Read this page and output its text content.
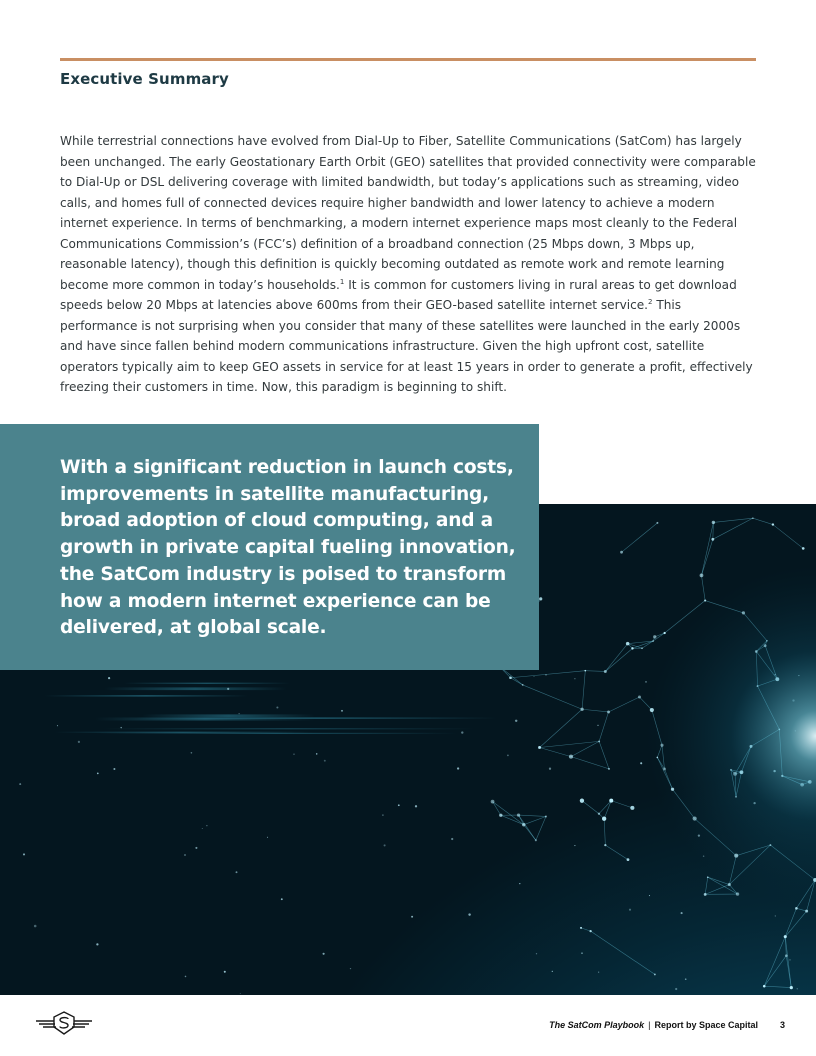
Executive Summary

While terrestrial connections have evolved from Dial-Up to Fiber, Satellite Communications (SatCom) has largely been unchanged. The early Geostationary Earth Orbit (GEO) satellites that provided connectivity were comparable to Dial-Up or DSL delivering coverage with limited bandwidth, but today’s applications such as streaming, video calls, and homes full of connected devices require higher bandwidth and lower latency to achieve a modern internet experience. In terms of benchmarking, a modern internet experience maps most cleanly to the Federal Communications Commission’s (FCC’s) definition of a broadband connection (25 Mbps down, 3 Mbps up, reasonable latency), though this definition is quickly becoming outdated as remote work and remote learning become more common in today’s households.$^1$ It is common for customers living in rural areas to get download speeds below 20 Mbps at latencies above 600ms from their GEO-based satellite internet service.$^2$ This performance is not surprising when you consider that many of these satellites were launched in the early 2000s and have since fallen behind modern communications infrastructure. Given the high upfront cost, satellite operators typically aim to keep GEO assets in service for at least 15 years in order to generate a profit, effectively freezing their customers in time. Now, this paradigm is beginning to shift.

With a significant reduction in launch costs, improvements in satellite manufacturing, broad adoption of cloud computing, and a growth in private capital fueling innovation, the SatCom industry is poised to transform how a modern internet experience can be delivered, at global scale.

The SatCom Playbook | Report by Space Capital 3
